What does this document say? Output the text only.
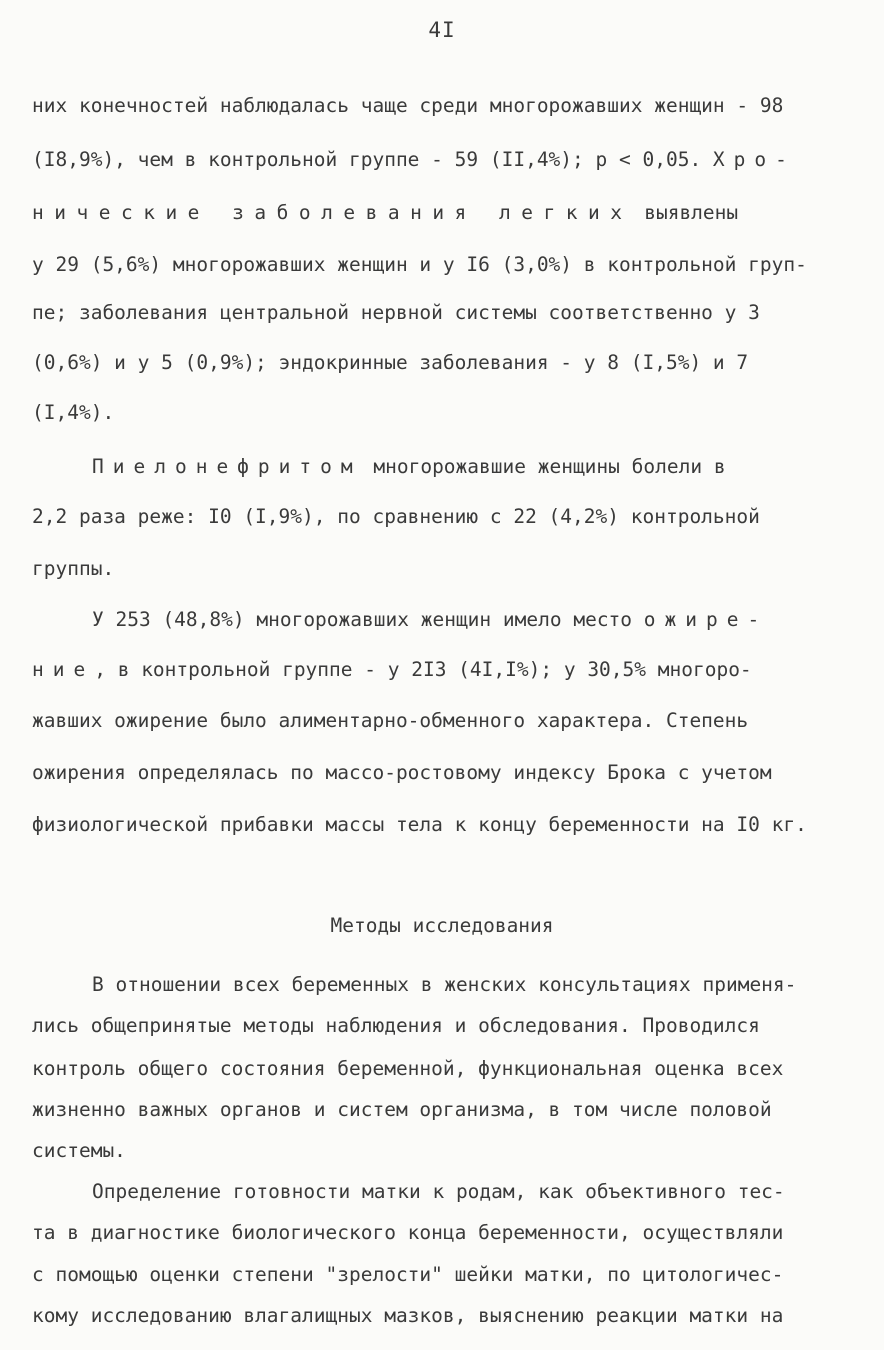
4I
них конечностей наблюдалась чаще среди многорожавших женщин - 98
(I8,9%), чем в контрольной группе - 59 (II,4%); р < 0,05. Хро-
нические заболевания легких выявлены
у 29 (5,6%) многорожавших женщин и у I6 (3,0%) в контрольной груп-
пе; заболевания центральной нервной системы соответственно у 3
(0,6%) и у 5 (0,9%); эндокринные заболевания - у 8 (I,5%) и 7
(I,4%).
Пиелонефритом многорожавшие женщины болели в
2,2 раза реже: I0 (I,9%), по сравнению с 22 (4,2%) контрольной
группы.
У 253 (48,8%) многорожавших женщин имело место ожире-
ние, в контрольной группе - у 2I3 (4I,I%); у 30,5% многоро-
жавших ожирение было алиментарно-обменного характера. Степень
ожирения определялась по массо-ростовому индексу Брока с учетом
физиологической прибавки массы тела к концу беременности на I0 кг.
Методы исследования
В отношении всех беременных в женских консультациях применя-
лись общепринятые методы наблюдения и обследования. Проводился
контроль общего состояния беременной, функциональная оценка всех
жизненно важных органов и систем организма, в том числе половой
системы.
Определение готовности матки к родам, как объективного тес-
та в диагностике биологического конца беременности, осуществляли
с помощью оценки степени "зрелости" шейки матки, по цитологичес-
кому исследованию влагалищных мазков, выяснению реакции матки на
